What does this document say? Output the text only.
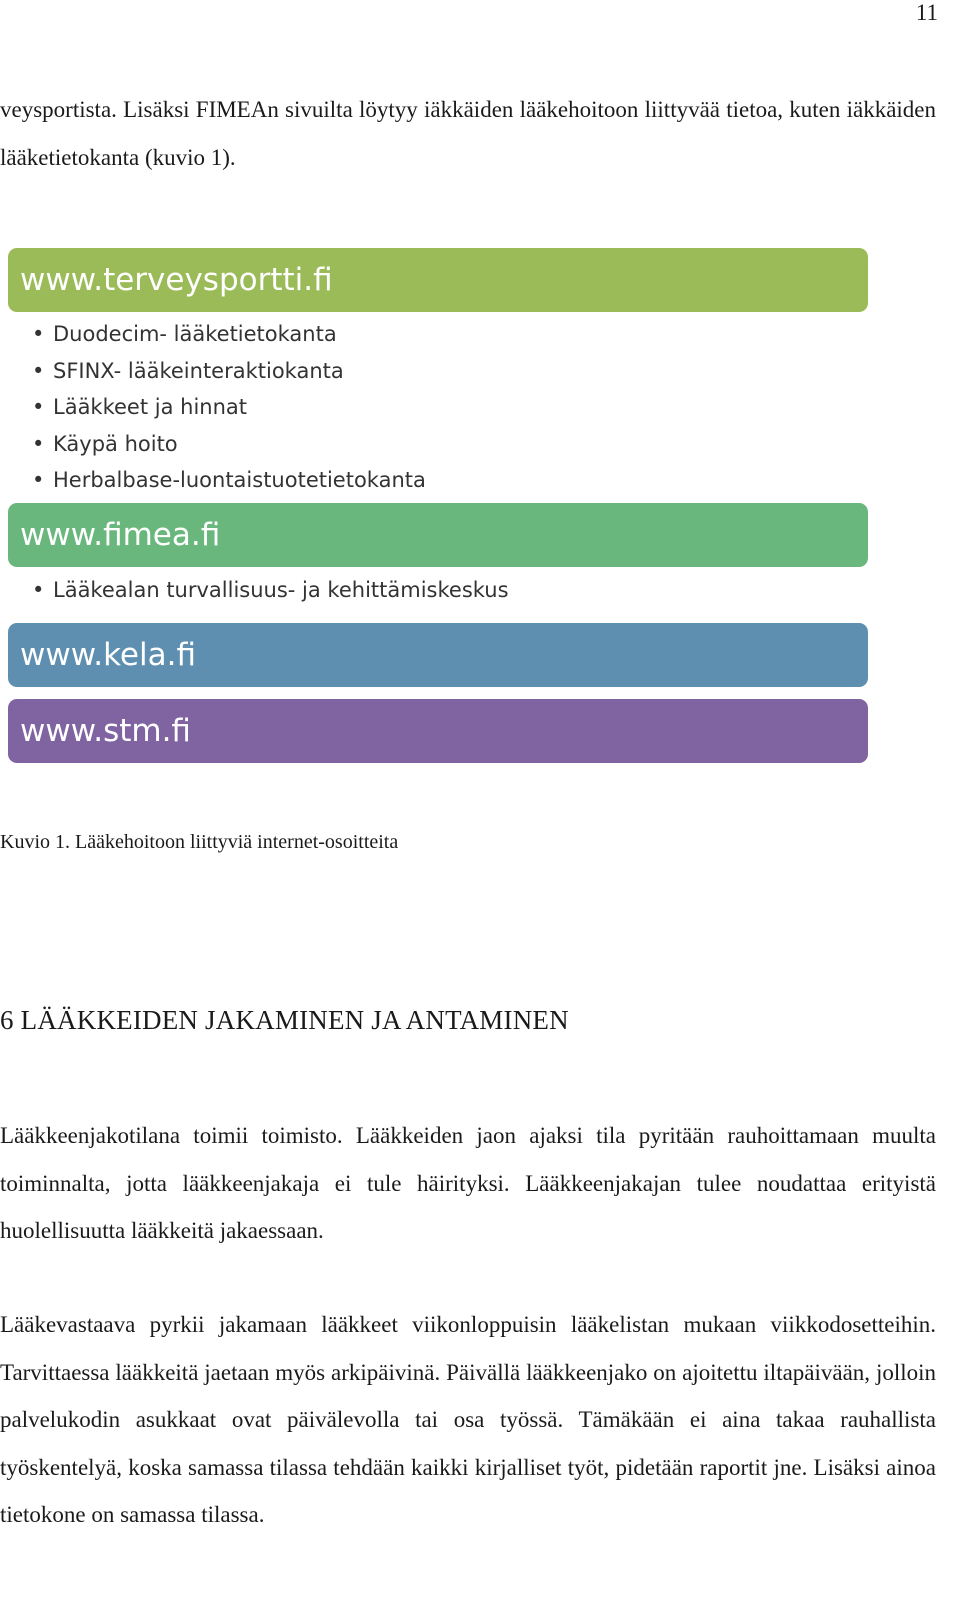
11

veysportista. Lisäksi FIMEAn sivuilta löytyy iäkkäiden lääkehoitoon liittyvää tietoa, kuten iäkkäiden lääketietokanta (kuvio 1).

www.terveysportti.fi
• Duodecim- lääketietokanta
• SFINX- lääkeinteraktiokanta
• Lääkkeet ja hinnat
• Käypä hoito
• Herbalbase-luontaistuotetietokanta
www.fimea.fi
• Lääkealan turvallisuus- ja kehittämiskeskus
www.kela.fi
www.stm.fi
Kuvio 1. Lääkehoitoon liittyviä internet-osoitteita
6 LÄÄKKEIDEN JAKAMINEN JA ANTAMINEN

Lääkkeenjakotilana toimii toimisto. Lääkkeiden jaon ajaksi tila pyritään rauhoittamaan muulta toiminnalta, jotta lääkkeenjakaja ei tule häirityksi. Lääkkeenjakajan tulee noudattaa erityistä huolellisuutta lääkkeitä jakaessaan.

Lääkevastaava pyrkii jakamaan lääkkeet viikonloppuisin lääkelistan mukaan viikkodosetteihin. Tarvittaessa lääkkeitä jaetaan myös arkipäivinä. Päivällä lääkkeenjako on ajoitettu iltapäivään, jolloin palvelukodin asukkaat ovat päivälevolla tai osa työssä. Tämäkään ei aina takaa rauhallista työskentelyä, koska samassa tilassa tehdään kaikki kirjalliset työt, pidetään raportit jne. Lisäksi ainoa tietokone on samassa tilassa.
